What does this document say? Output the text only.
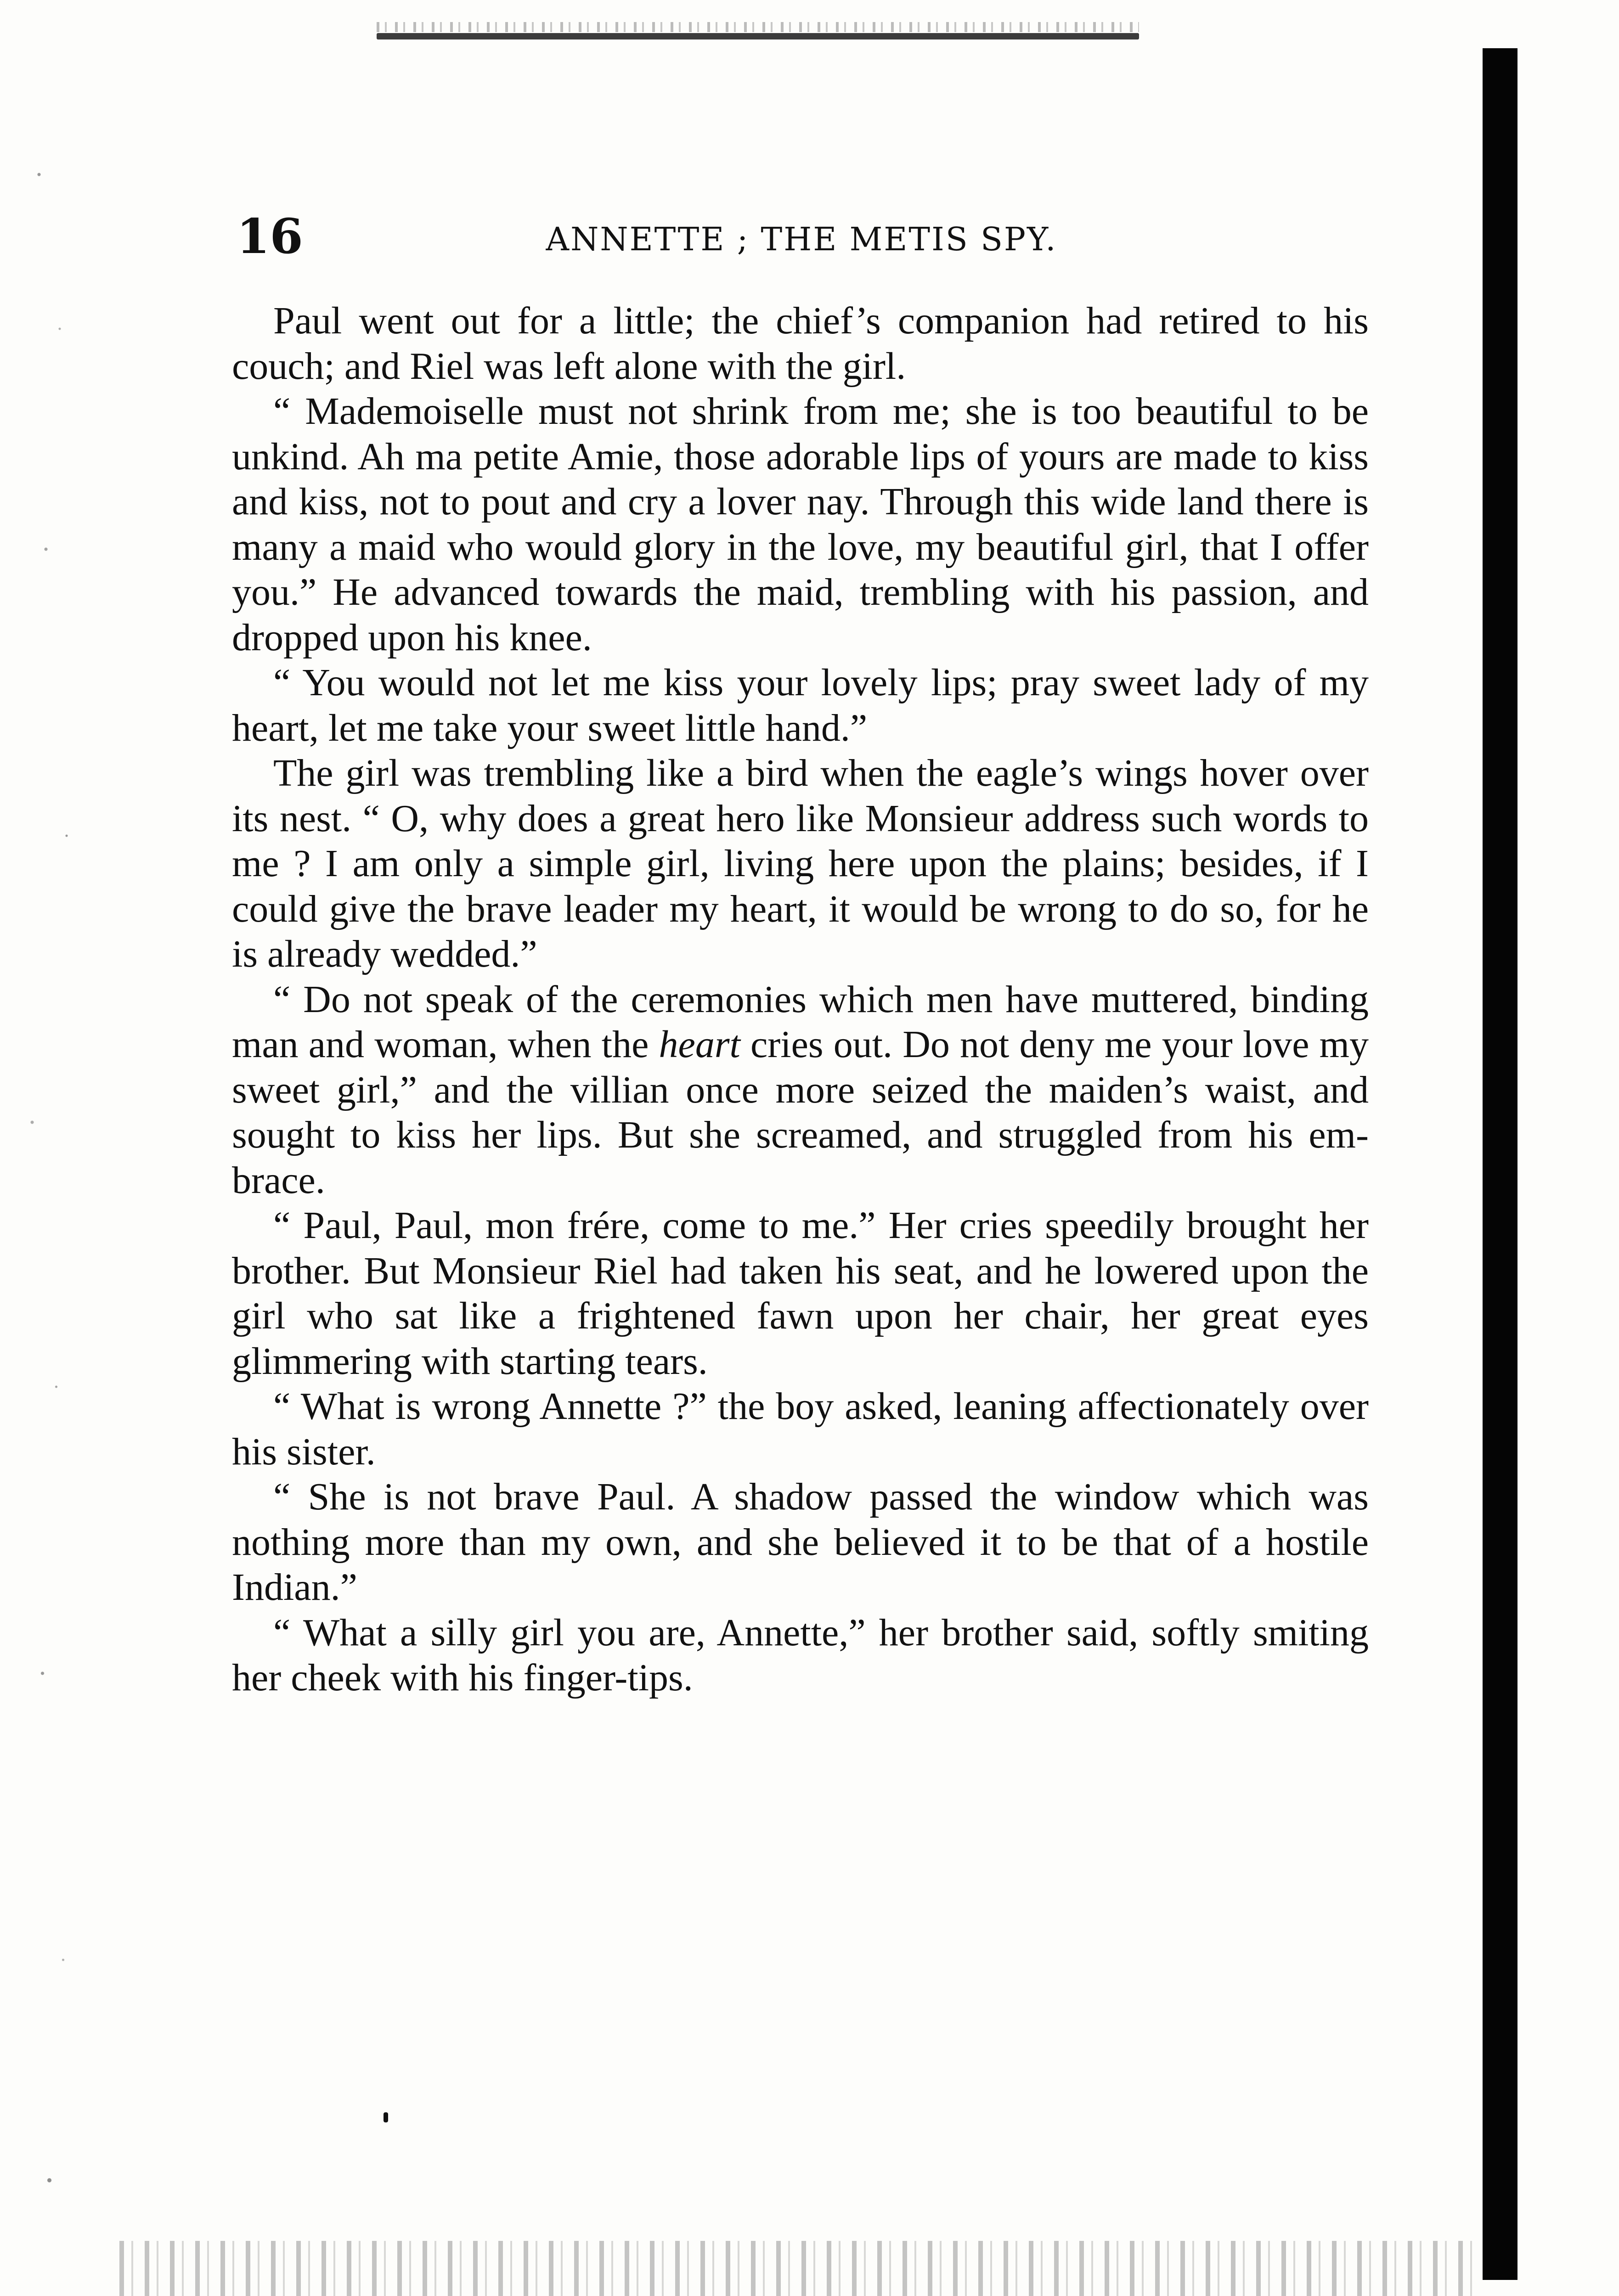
16	ANNETTE ; THE METIS SPY.

Paul went out for a little; the chief’s companion had retired to his couch; and Riel was left alone with the girl.

“ Mademoiselle must not shrink from me; she is too beautiful to be unkind. Ah ma petite Amie, those adorable lips of yours are made to kiss and kiss, not to pout and cry a lover nay. Through this wide land there is many a maid who would glory in the love, my beautiful girl, that I offer you.” He advanced towards the maid, trembling with his passion, and dropped upon his knee.

“ You would not let me kiss your lovely lips; pray sweet lady of my heart, let me take your sweet little hand.”

The girl was trembling like a bird when the eagle’s wings hover over its nest. “ O, why does a great hero like Monsieur address such words to me ? I am only a simple girl, living here upon the plains; besides, if I could give the brave leader my heart, it would be wrong to do so, for he is already wedded.”

“ Do not speak of the ceremonies which men have muttered, binding man and woman, when the heart cries out. Do not deny me your love my sweet girl,” and the villian once more seized the maiden’s waist, and sought to kiss her lips. But she screamed, and struggled from his embrace.

“ Paul, Paul, mon frére, come to me.” Her cries speedily brought her brother. But Monsieur Riel had taken his seat, and he lowered upon the girl who sat like a frightened fawn upon her chair, her great eyes glimmering with starting tears.

“ What is wrong Annette ?” the boy asked, leaning affectionately over his sister.

“ She is not brave Paul. A shadow passed the window which was nothing more than my own, and she believed it to be that of a hostile Indian.”

“ What a silly girl you are, Annette,” her brother said, softly smiting her cheek with his finger-tips.
